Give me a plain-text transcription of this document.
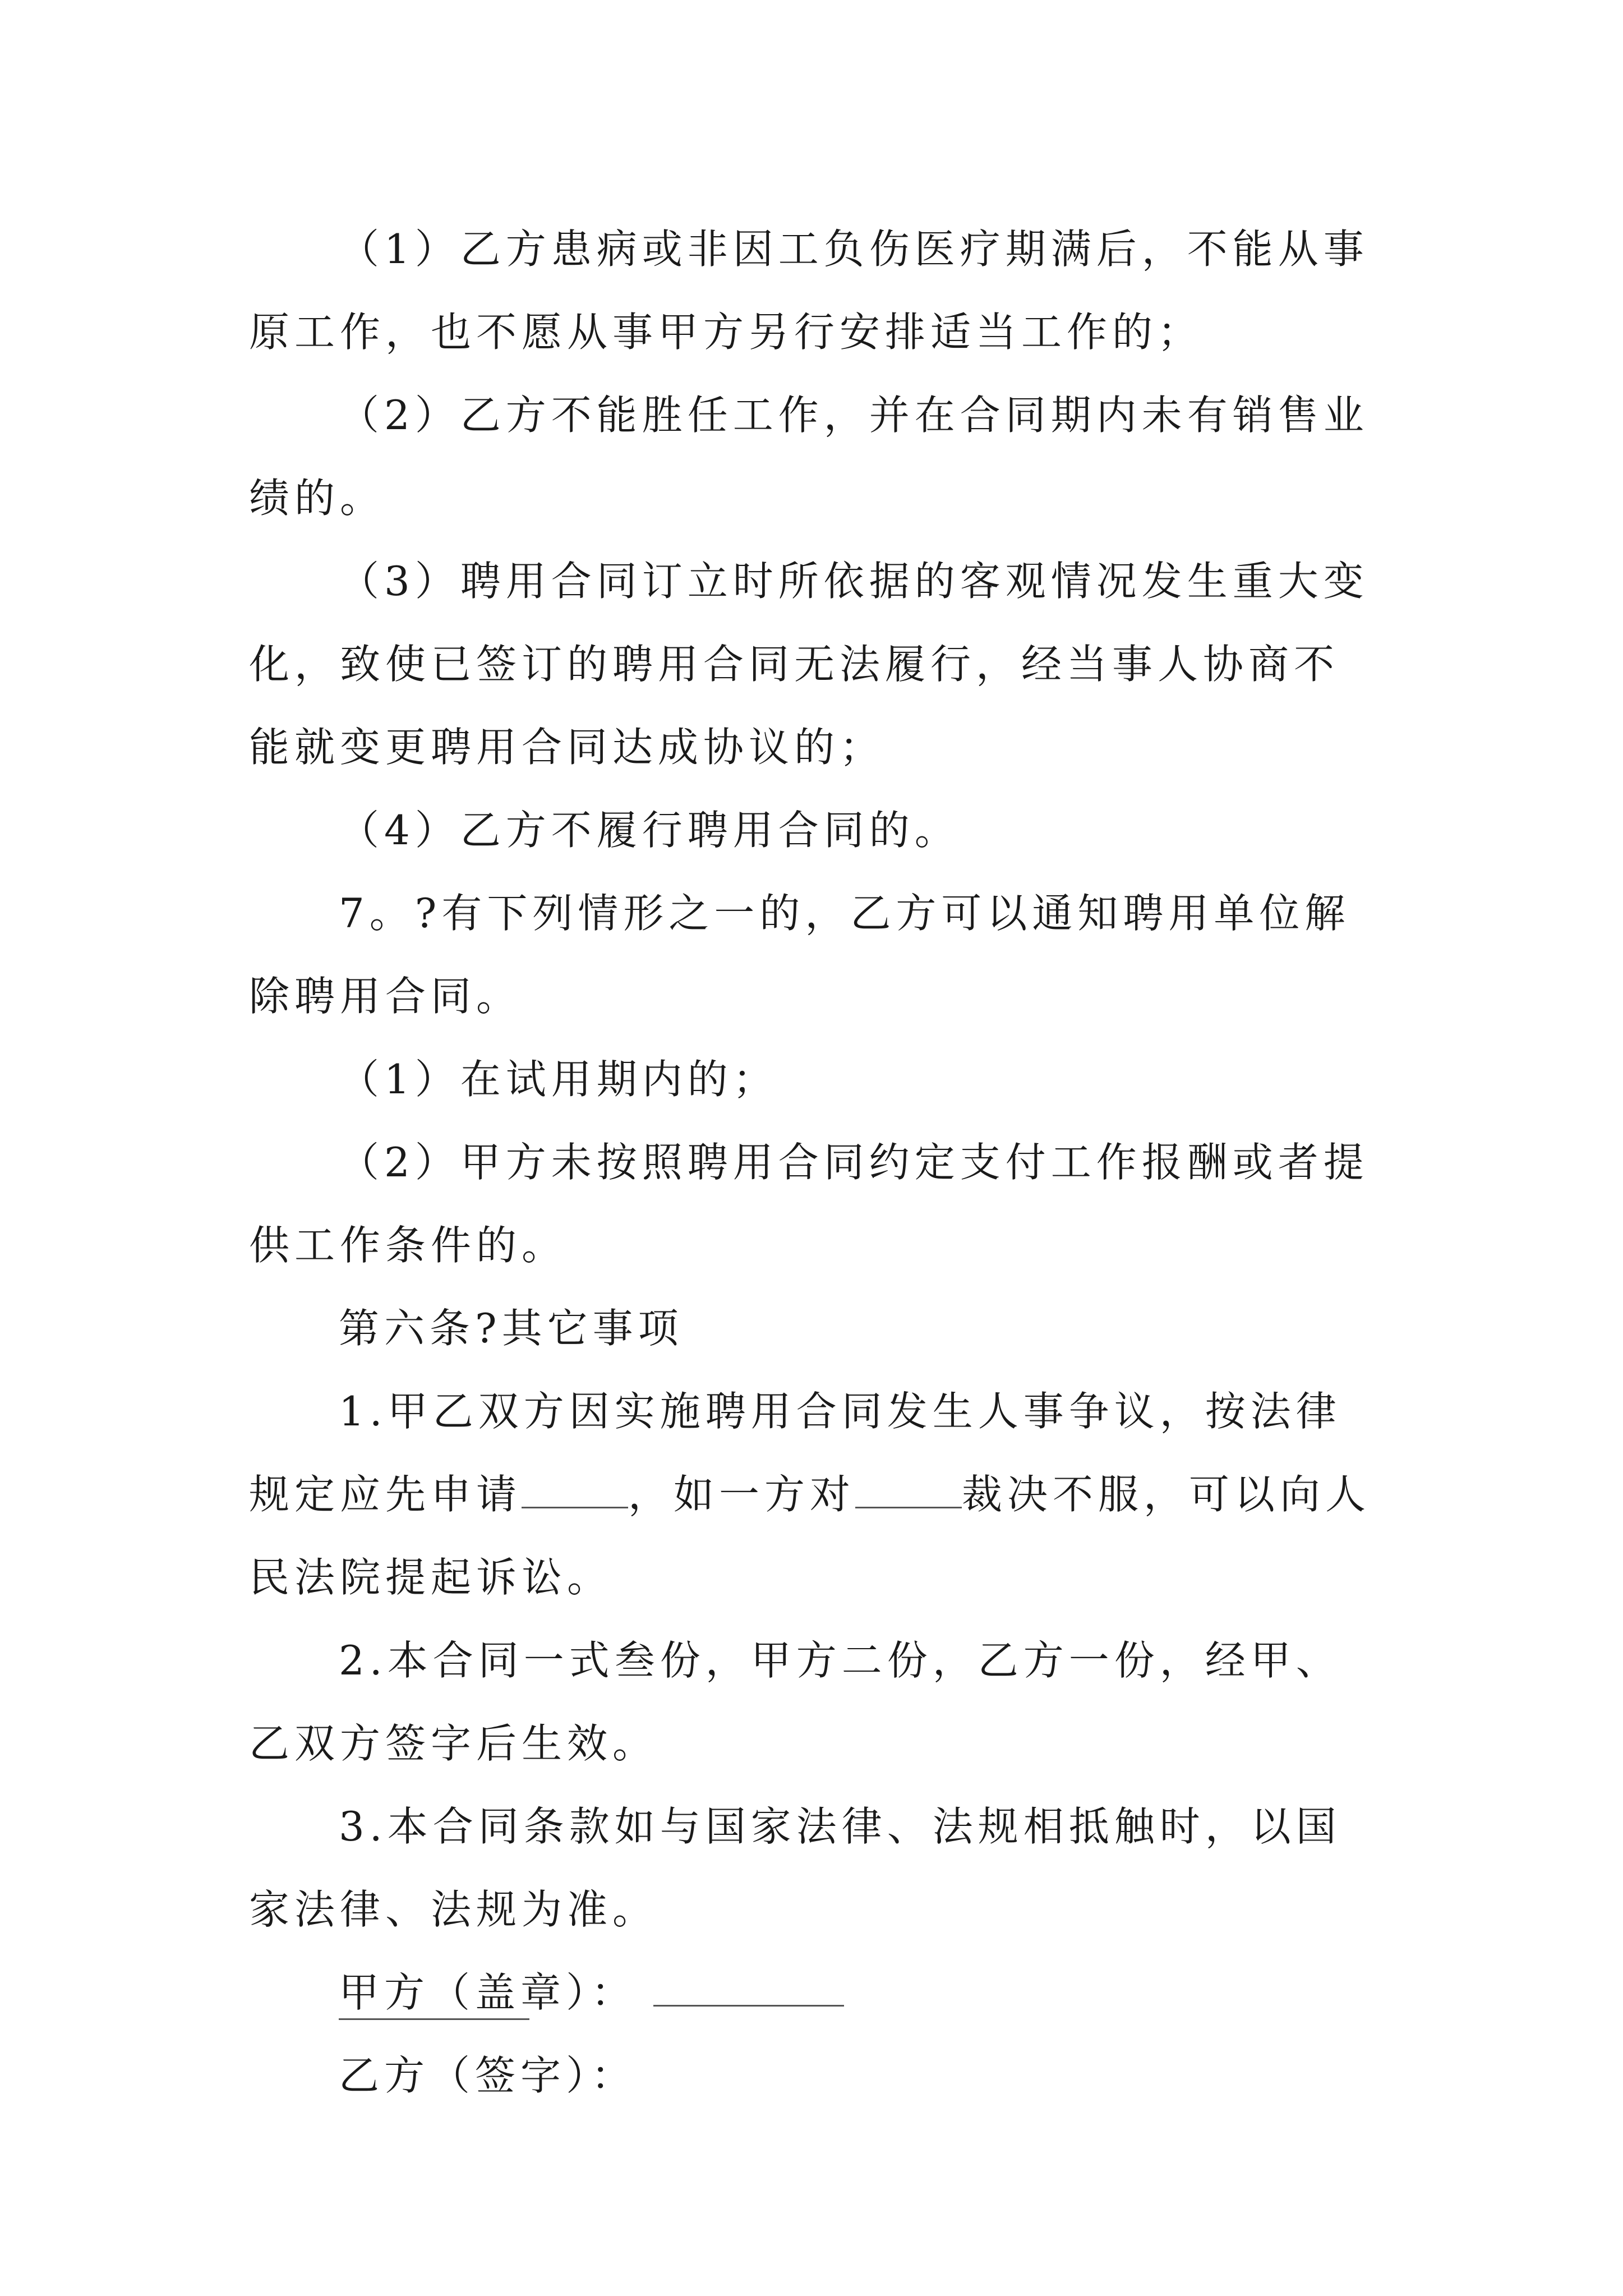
（1）乙方患病或非因工负伤医疗期满后，不能从事原工作，也不愿从事甲方另行安排适当工作的；

（2）乙方不能胜任工作，并在合同期内未有销售业绩的。

（3）聘用合同订立时所依据的客观情况发生重大变化，致使已签订的聘用合同无法履行，经当事人协商不能就变更聘用合同达成协议的；

（4）乙方不履行聘用合同的。

7。?有下列情形之一的，乙方可以通知聘用单位解除聘用合同。

（1）在试用期内的；

（2）甲方未按照聘用合同约定支付工作报酬或者提供工作条件的。

第六条?其它事项

1.甲乙双方因实施聘用合同发生人事争议，按法律规定应先申请	，如一方对	裁决不服，可以向人民法院提起诉讼。

2.本合同一式叁份，甲方二份，乙方一份，经甲、乙双方签字后生效。

3.本合同条款如与国家法律、法规相抵触时，以国家法律、法规为准。

甲方（盖章）：

乙方（签字）：
